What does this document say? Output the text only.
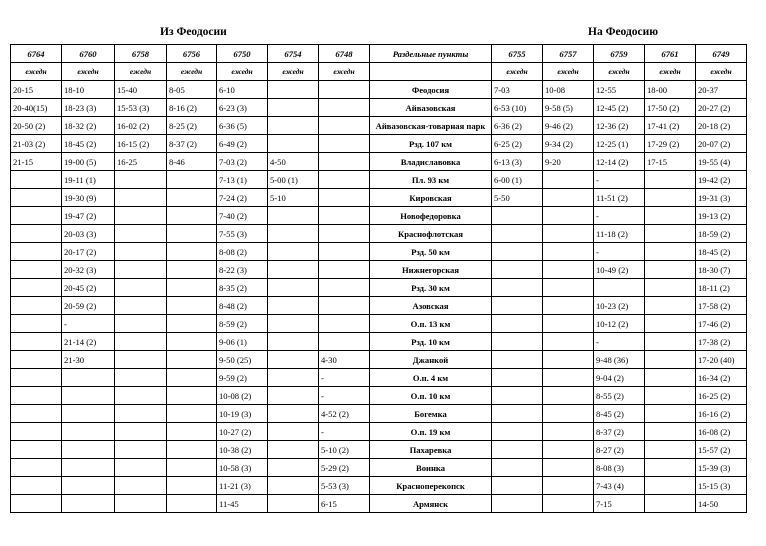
Из Феодосии	На Феодосию
6764	6760	6758	6756	6750	6754	6748	Раздельные пункты	6755	6757	6759	6761	6749
ежедн	ежедн	ежедн	ежедн	ежедн	ежедн	ежедн		ежедн	ежедн	ежедн	ежедн	ежедн
20-15	18-10	15-40	8-05	6-10			Феодосия	7-03	10-08	12-55	18-00	20-37
20-40(15)	18-23 (3)	15-53 (3)	8-16 (2)	6-23 (3)			Айвазовская	6-53 (10)	9-58 (5)	12-45 (2)	17-50 (2)	20-27 (2)
20-50 (2)	18-32 (2)	16-02 (2)	8-25 (2)	6-36 (5)			Айвазовская-товарная парк	6-36 (2)	9-46 (2)	12-36 (2)	17-41 (2)	20-18 (2)
21-03 (2)	18-45 (2)	16-15 (2)	8-37 (2)	6-49 (2)			Рзд. 107 км	6-25 (2)	9-34 (2)	12-25 (1)	17-29 (2)	20-07 (2)
21-15	19-00 (5)	16-25	8-46	7-03 (2)	4-50		Владиславовка	6-13 (3)	9-20	12-14 (2)	17-15	19-55 (4)
	19-11 (1)			7-13 (1)	5-00 (1)		Пл. 93 км	6-00 (1)		-		19-42 (2)
	19-30 (9)			7-24 (2)	5-10		Кировская	5-50		11-51 (2)		19-31 (3)
	19-47 (2)			7-40 (2)			Новофедоровка			-		19-13 (2)
	20-03 (3)			7-55 (3)			Краснофлотская			11-18 (2)		18-59 (2)
	20-17 (2)			8-08 (2)			Рзд. 50 км			-		18-45 (2)
	20-32 (3)			8-22 (3)			Нижнегорская			10-49 (2)		18-30 (7)
	20-45 (2)			8-35 (2)			Рзд. 30 км					18-11 (2)
	20-59 (2)			8-48 (2)			Азовская			10-23 (2)		17-58 (2)
	-			8-59 (2)			О.п. 13 км			10-12 (2)		17-46 (2)
	21-14 (2)			9-06 (1)			Рзд. 10 км			-		17-38 (2)
	21-30			9-50 (25)		4-30	Джанкой			9-48 (36)		17-20 (40)
				9-59 (2)		-	О.п. 4 км			9-04 (2)		16-34 (2)
				10-08 (2)		-	О.п. 10 км			8-55 (2)		16-25 (2)
				10-19 (3)		4-52 (2)	Богемка			8-45 (2)		16-16 (2)
				10-27 (2)		-	О.п. 19 км			8-37 (2)		16-08 (2)
				10-38 (2)		5-10 (2)	Пахаревка			8-27 (2)		15-57 (2)
				10-58 (3)		5-29 (2)	Воинка			8-08 (3)		15-39 (3)
				11-21 (3)		5-53 (3)	Красноперекопск			7-43 (4)		15-15 (3)
				11-45		6-15	Армянск			7-15		14-50
